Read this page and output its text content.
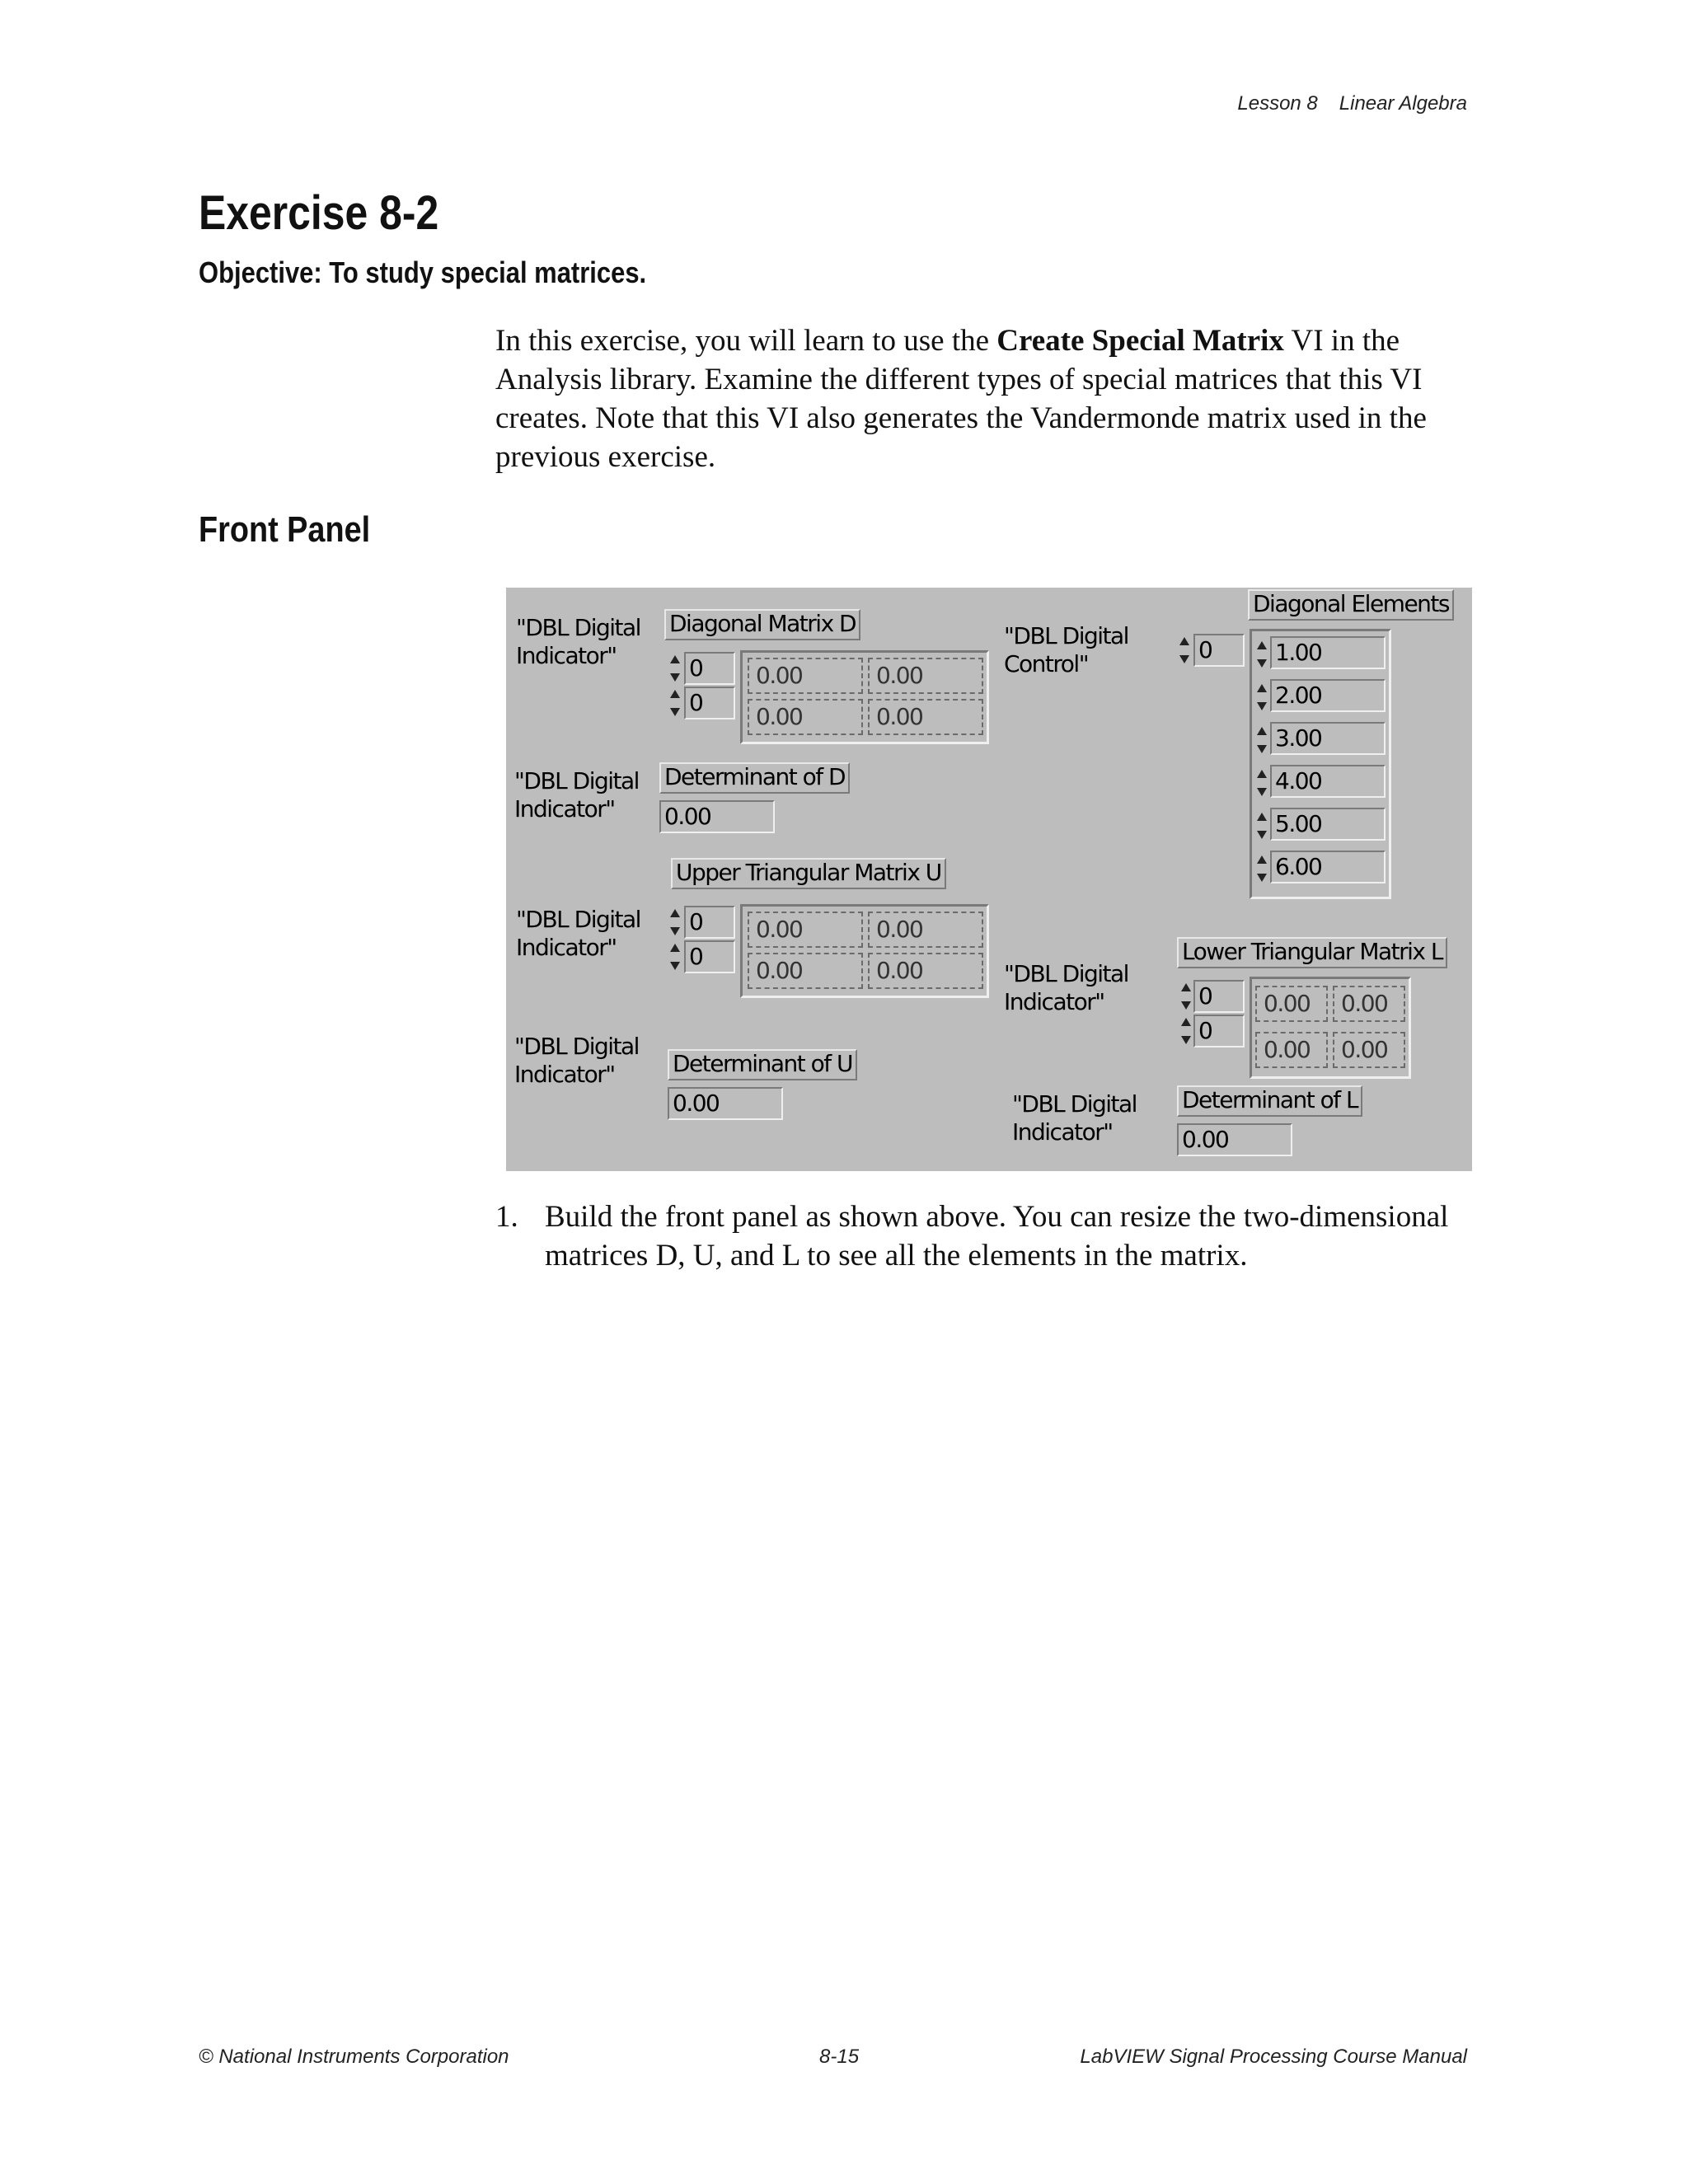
Lesson 8 Linear Algebra
Exercise 8-2
Objective: To study special matrices.

In this exercise, you will learn to use the Create Special Matrix VI in the Analysis library. Examine the different types of special matrices that this VI creates. Note that this VI also generates the Vandermonde matrix used in the previous exercise.

Front Panel
"DBL Digital
Indicator"
Diagonal Matrix D
0
0
0.00	0.00
0.00	0.00
"DBL Digital
Indicator"
Determinant of D
0.00
Upper Triangular Matrix U
"DBL Digital
Indicator"
0
0
0.00	0.00
0.00	0.00
"DBL Digital
Indicator"	Determinant of U
0.00
Diagonal Elements
"DBL Digital
Control"
0	1.00
2.00
3.00
4.00
5.00
6.00
Lower Triangular Matrix L
"DBL Digital
Indicator"	0
0
0.00	0.00
0.00	0.00
Determinant of L
"DBL Digital
Indicator"	0.00
1. Build the front panel as shown above. You can resize the two-dimensional matrices D, U, and L to see all the elements in the matrix.
© National Instruments Corporation	8-15	LabVIEW Signal Processing Course Manual
